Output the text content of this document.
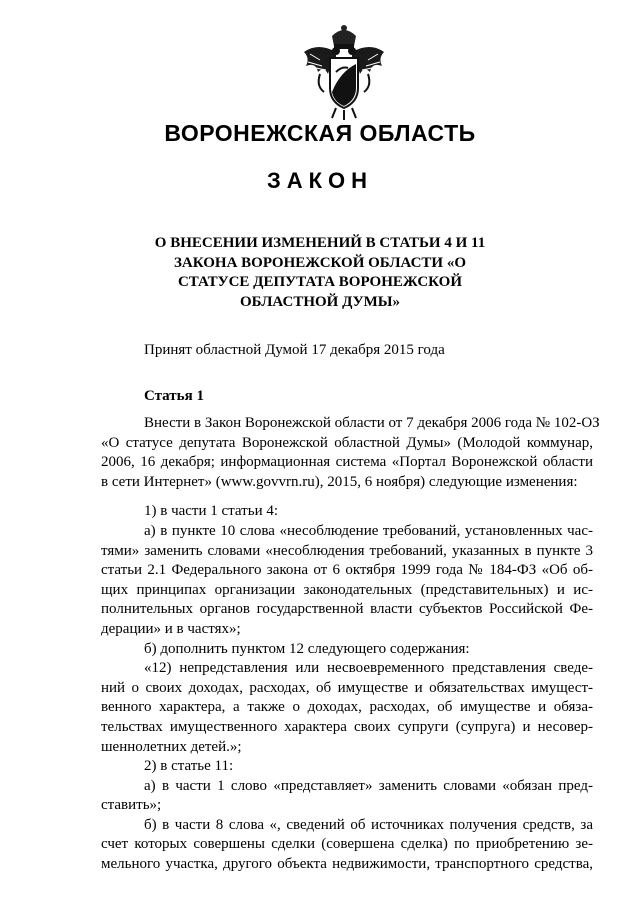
ВОРОНЕЖСКАЯ ОБЛАСТЬ
ЗАКОН
О ВНЕСЕНИИ ИЗМЕНЕНИЙ В СТАТЬИ 4 И 11
ЗАКОНА ВОРОНЕЖСКОЙ ОБЛАСТИ «О
СТАТУСЕ ДЕПУТАТА ВОРОНЕЖСКОЙ
ОБЛАСТНОЙ ДУМЫ»
Принят областной Думой 17 декабря 2015 года
Статья 1
Внести в Закон Воронежской области от 7 декабря 2006 года № 102-ОЗ
«О статусе депутата Воронежской областной Думы» (Молодой коммунар,
2006, 16 декабря; информационная система «Портал Воронежской области
в сети Интернет» (www.govvrn.ru), 2015, 6 ноября) следующие изменения:
1) в части 1 статьи 4:
а) в пункте 10 слова «несоблюдение требований, установленных час-
тями» заменить словами «несоблюдения требований, указанных в пункте 3
статьи 2.1 Федерального закона от 6 октября 1999 года № 184-ФЗ «Об об-
щих принципах организации законодательных (представительных) и ис-
полнительных органов государственной власти субъектов Российской Фе-
дерации» и в частях»;
б) дополнить пунктом 12 следующего содержания:
«12) непредставления или несвоевременного представления сведе-
ний о своих доходах, расходах, об имуществе и обязательствах имущест-
венного характера, а также о доходах, расходах, об имуществе и обяза-
тельствах имущественного характера своих супруги (супруга) и несовер-
шеннолетних детей.»;
2) в статье 11:
а) в части 1 слово «представляет» заменить словами «обязан пред-
ставить»;
б) в части 8 слова «, сведений об источниках получения средств, за
счет которых совершены сделки (совершена сделка) по приобретению зе-
мельного участка, другого объекта недвижимости, транспортного средства,
